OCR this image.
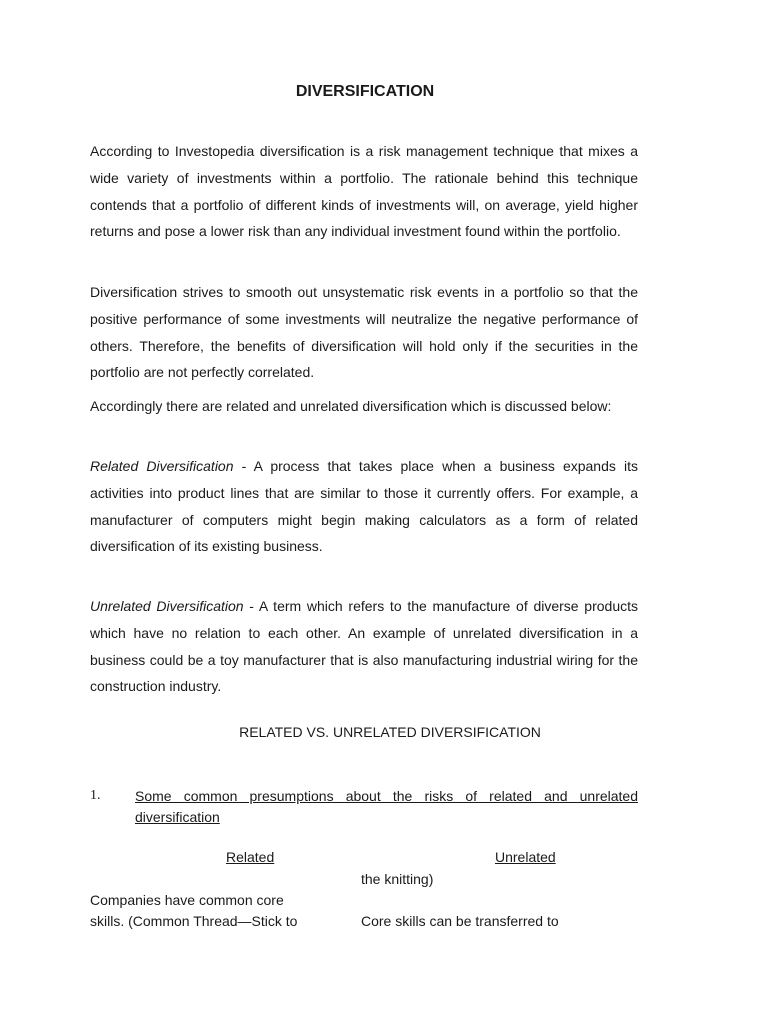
DIVERSIFICATION

According to Investopedia diversification is a risk management technique that mixes a wide variety of investments within a portfolio. The rationale behind this technique contends that a portfolio of different kinds of investments will, on average, yield higher returns and pose a lower risk than any individual investment found within the portfolio.

Diversification strives to smooth out unsystematic risk events in a portfolio so that the positive performance of some investments will neutralize the negative performance of others. Therefore, the benefits of diversification will hold only if the securities in the portfolio are not perfectly correlated.

Accordingly there are related and unrelated diversification which is discussed below:

Related Diversification - A process that takes place when a business expands its activities into product lines that are similar to those it currently offers. For example, a manufacturer of computers might begin making calculators as a form of related diversification of its existing business.

Unrelated Diversification - A term which refers to the manufacture of diverse products which have no relation to each other. An example of unrelated diversification in a business could be a toy manufacturer that is also manufacturing industrial wiring for the construction industry.

RELATED VS. UNRELATED DIVERSIFICATION
1. Some common presumptions about the risks of related and unrelated diversification
Related	Unrelated
the knitting)
Companies have common core
skills. (Common Thread—Stick to	Core skills can be transferred to
